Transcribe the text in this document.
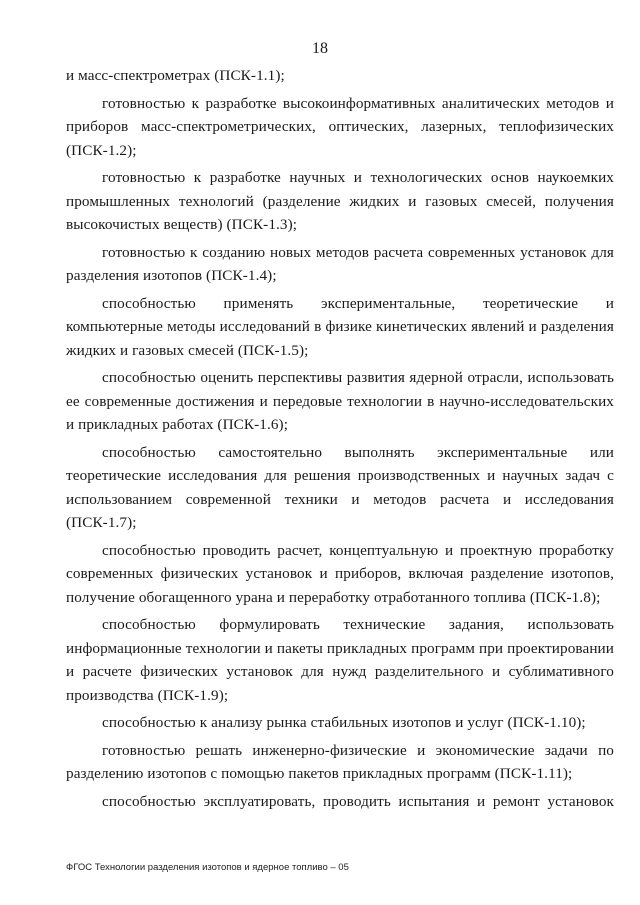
18

и масс-спектрометрах (ПСК-1.1);

готовностью к разработке высокоинформативных аналитических методов и приборов масс-спектрометрических, оптических, лазерных, теплофизических (ПСК-1.2);

готовностью к разработке научных и технологических основ наукоемких промышленных технологий (разделение жидких и газовых смесей, получения высокочистых веществ) (ПСК-1.3);

готовностью к созданию новых методов расчета современных установок для разделения изотопов (ПСК-1.4);

способностью применять экспериментальные, теоретические и компьютерные методы исследований в физике кинетических явлений и разделения жидких и газовых смесей (ПСК-1.5);

способностью оценить перспективы развития ядерной отрасли, использовать ее современные достижения и передовые технологии в научно-исследовательских и прикладных работах (ПСК-1.6);

способностью самостоятельно выполнять экспериментальные или теоретические исследования для решения производственных и научных задач с использованием современной техники и методов расчета и исследования (ПСК-1.7);

способностью проводить расчет, концептуальную и проектную проработку современных физических установок и приборов, включая разделение изотопов, получение обогащенного урана и переработку отработанного топлива (ПСК-1.8);

способностью формулировать технические задания, использовать информационные технологии и пакеты прикладных программ при проектировании и расчете физических установок для нужд разделительного и сублимативного производства (ПСК-1.9);

способностью к анализу рынка стабильных изотопов и услуг (ПСК-1.10);

готовностью решать инженерно-физические и экономические задачи по разделению изотопов с помощью пакетов прикладных программ (ПСК-1.11);

способностью эксплуатировать, проводить испытания и ремонт установок

ФГОС Технологии разделения изотопов и ядерное топливо – 05
